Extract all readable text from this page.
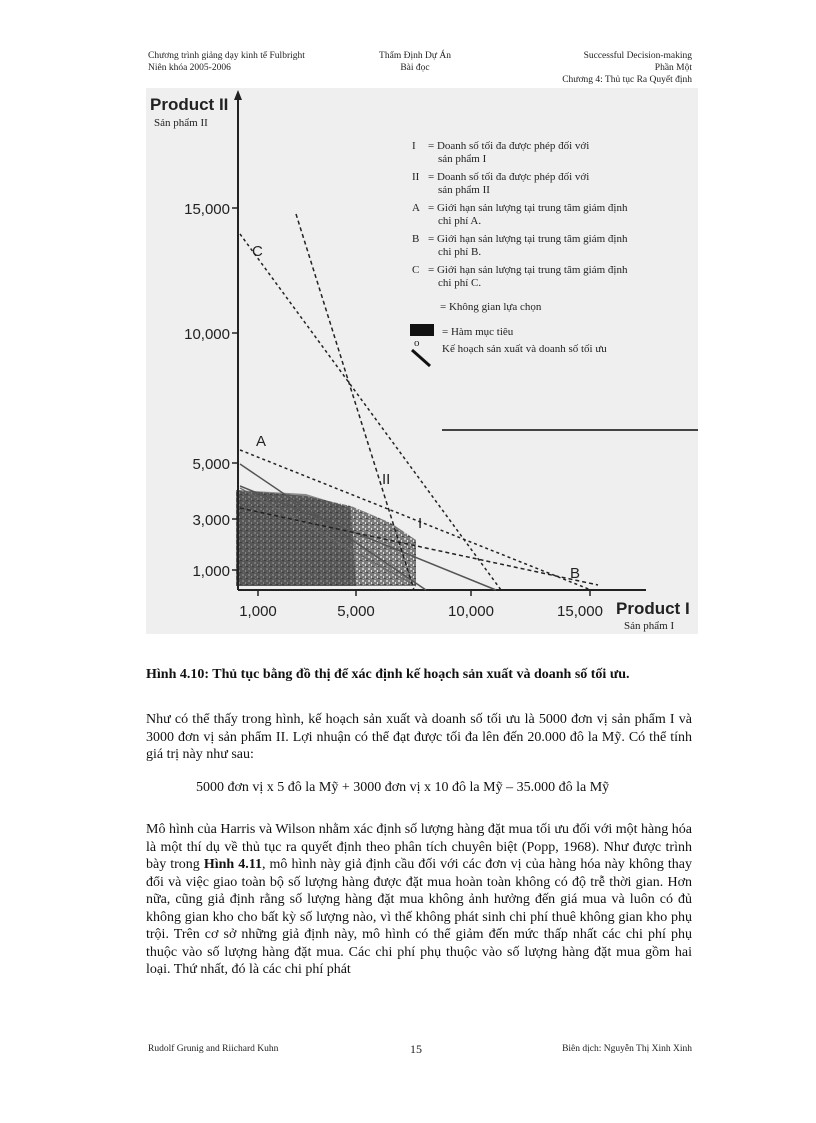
Chương trình giảng dạy kinh tế Fulbright
Niên khóa 2005-2006
Thẩm Định Dự Án
Bài đọc
Successful Decision-making
Phần Một
Chương 4: Thủ tục Ra Quyết định
15,000
10,000
5,000
3,000
1,000
1,000	5,000	10,000	15,000
Product II
Sản phẩm II
Product I
Sản phẩm I
C
A
II
I
B
I = Doanh số tối đa được phép đối với
sản phẩm I
II = Doanh số tối đa được phép đối với
sản phẩm II
A = Giới hạn sản lượng tại trung tâm giám định
chi phí A.
B = Giới hạn sản lượng tại trung tâm giám định
chi phí B.
C = Giới hạn sản lượng tại trung tâm giám định
chi phí C.
= Không gian lựa chọn
= Hàm mục tiêu
o Kế hoạch sản xuất và doanh số tối ưu
Hình 4.10: Thủ tục bằng đồ thị để xác định kế hoạch sản xuất và doanh số tối ưu.
Như có thể thấy trong hình, kế hoạch sản xuất và doanh số tối ưu là 5000 đơn vị sản phẩm I và 3000 đơn vị sản phẩm II. Lợi nhuận có thể đạt được tối đa lên đến 20.000 đô la Mỹ. Có thể tính giá trị này như sau:
5000 đơn vị x 5 đô la Mỹ + 3000 đơn vị x 10 đô la Mỹ – 35.000 đô la Mỹ
Mô hình của Harris và Wilson nhằm xác định số lượng hàng đặt mua tối ưu đối với một hàng hóa là một thí dụ về thủ tục ra quyết định theo phân tích chuyên biệt (Popp, 1968). Như được trình bày trong Hình 4.11, mô hình này giả định cầu đối với các đơn vị của hàng hóa này không thay đổi và việc giao toàn bộ số lượng hàng được đặt mua hoàn toàn không có độ trễ thời gian. Hơn nữa, cũng giả định rằng số lượng hàng đặt mua không ảnh hưởng đến giá mua và luôn có đủ không gian kho cho bất kỳ số lượng nào, vì thế không phát sinh chi phí thuê không gian kho phụ trội. Trên cơ sở những giả định này, mô hình có thể giảm đến mức thấp nhất các chi phí phụ thuộc vào số lượng hàng đặt mua. Các chi phí phụ thuộc vào số lượng hàng đặt mua gồm hai loại. Thứ nhất, đó là các chi phí phát
Rudolf Grunig and Riichard Kuhn	15	Biên dịch: Nguyễn Thị Xinh Xinh
